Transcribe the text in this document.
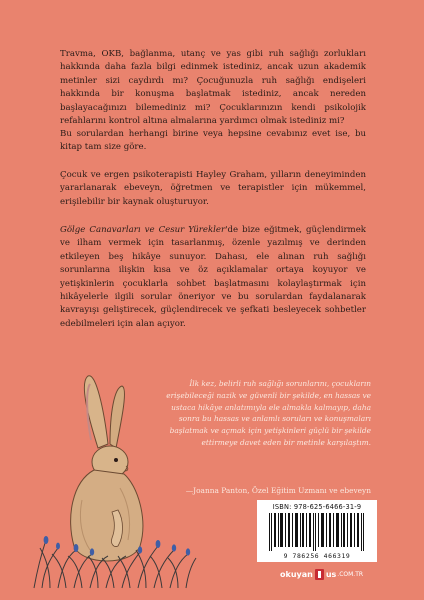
Travma, OKB, bağlanma, utanç ve yas gibi ruh sağlığı zorlukları hakkında daha fazla bilgi edinmek istediniz, ancak uzun akademik metinler sizi caydırdı mı? Çocuğunuzla ruh sağlığı endişeleri hakkında bir konuşma başlatmak istediniz, ancak nereden başlayacağınızı bilemediniz mi? Çocuklarınızın kendi psikolojik refahlarını kontrol altına almalarına yardımcı olmak istediniz mi?

Bu sorulardan herhangi birine veya hepsine cevabınız evet ise, bu kitap tam size göre.

Çocuk ve ergen psikoterapisti Hayley Graham, yılların deneyiminden yararlanarak ebeveyn, öğretmen ve terapistler için mükemmel, erişilebilir bir kaynak oluşturuyor.

Gölge Canavarları ve Cesur Yürekler'de bize eğitmek, güçlendirmek ve ilham vermek için tasarlanmış, özenle yazılmış ve derinden etkileyen beş hikâye sunuyor. Dahası, ele alınan ruh sağlığı sorunlarına ilişkin kısa ve öz açıklamalar ortaya koyuyor ve yetişkinlerin çocuklarla sohbet başlatmasını kolaylaştırmak için hikâyelerle ilgili sorular öneriyor ve bu sorulardan faydalanarak kavrayışı geliştirecek, güçlendirecek ve şefkati besleyecek sohbetler edebilmeleri için alan açıyor.

İlk kez, belirli ruh sağlığı sorunlarını, çocukların erişebileceği nazik ve güvenli bir şekilde, en hassas ve ustaca hikâye anlatımıyla ele almakla kalmayıp, daha sonra bu hassas ve anlamlı soruları ve konuşmaları başlatmak ve açmak için yetişkinleri güçlü bir şekilde ettirmeye davet eden bir metinle karşılaştım.

—Joanna Panton, Özel Eğitim Uzmanı ve ebeveyn

ISBN: 978-625-6466-31-9
9 786256 466319
okuyan us .COM.TR
